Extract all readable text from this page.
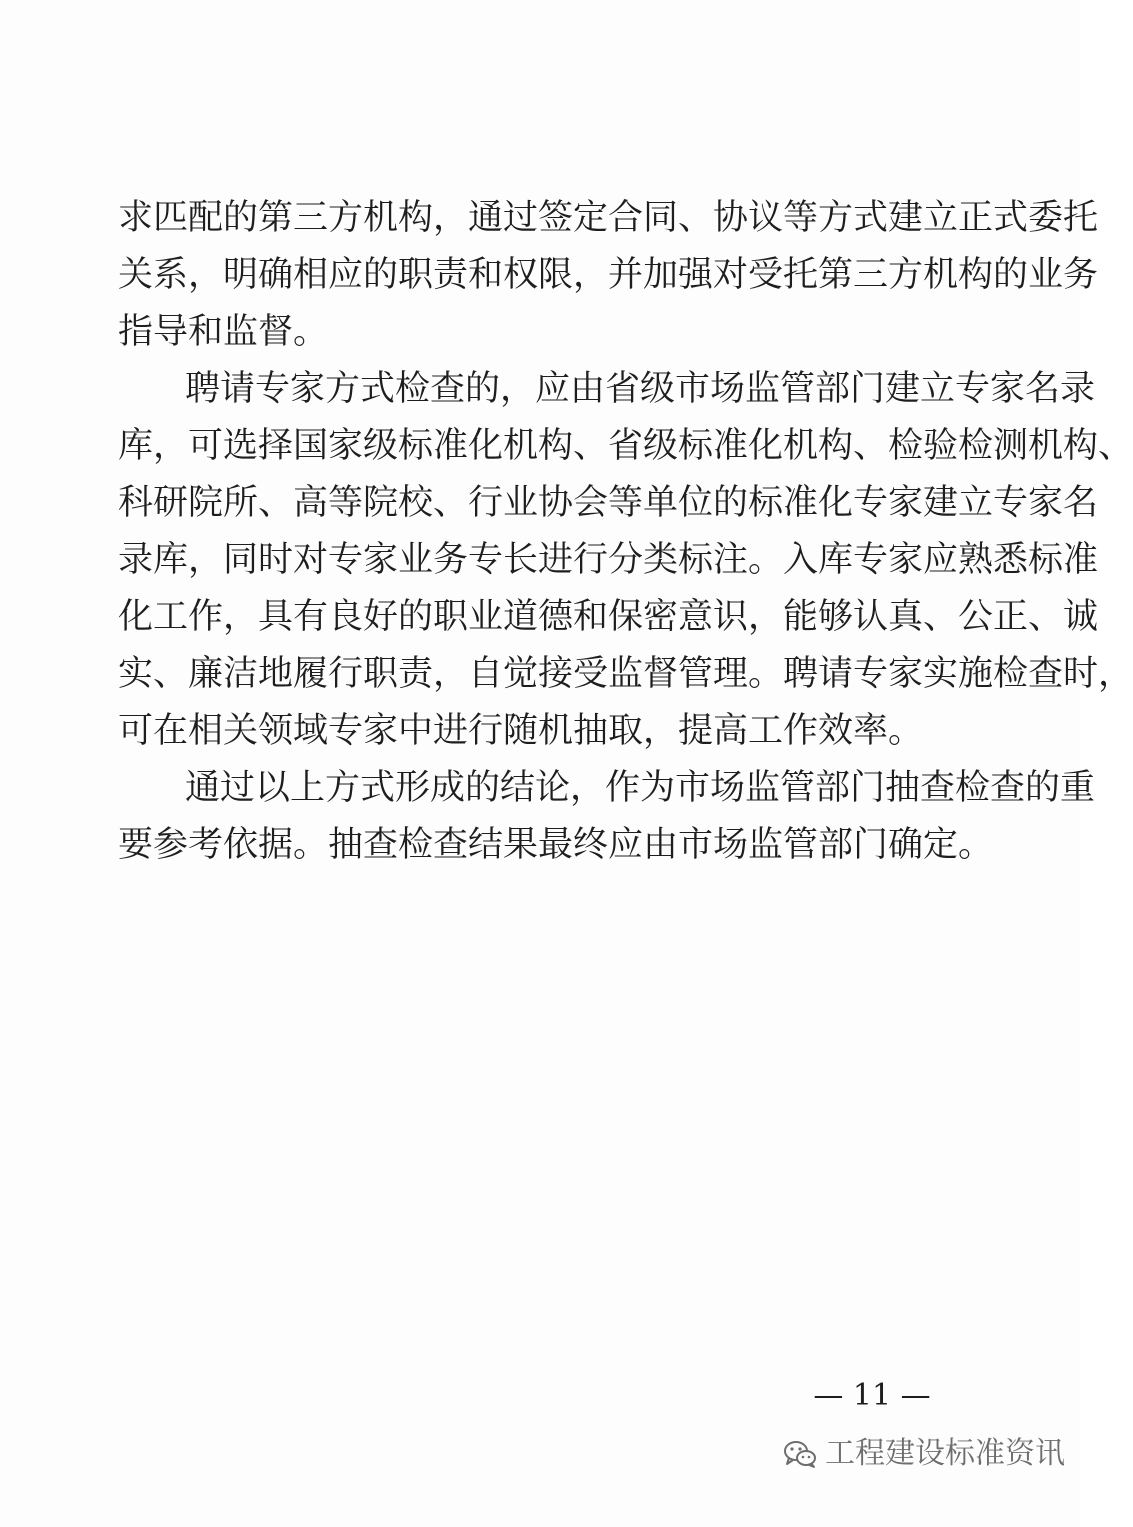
求匹配的第三方机构，通过签定合同、协议等方式建立正式委托
关系，明确相应的职责和权限，并加强对受托第三方机构的业务
指导和监督。
聘请专家方式检查的，应由省级市场监管部门建立专家名录
库，可选择国家级标准化机构、省级标准化机构、检验检测机构、
科研院所、高等院校、行业协会等单位的标准化专家建立专家名
录库，同时对专家业务专长进行分类标注。入库专家应熟悉标准
化工作，具有良好的职业道德和保密意识，能够认真、公正、诚
实、廉洁地履行职责，自觉接受监督管理。聘请专家实施检查时，
可在相关领域专家中进行随机抽取，提高工作效率。
通过以上方式形成的结论，作为市场监管部门抽查检查的重
要参考依据。抽查检查结果最终应由市场监管部门确定。
— 11 —
工程建设标准资讯
